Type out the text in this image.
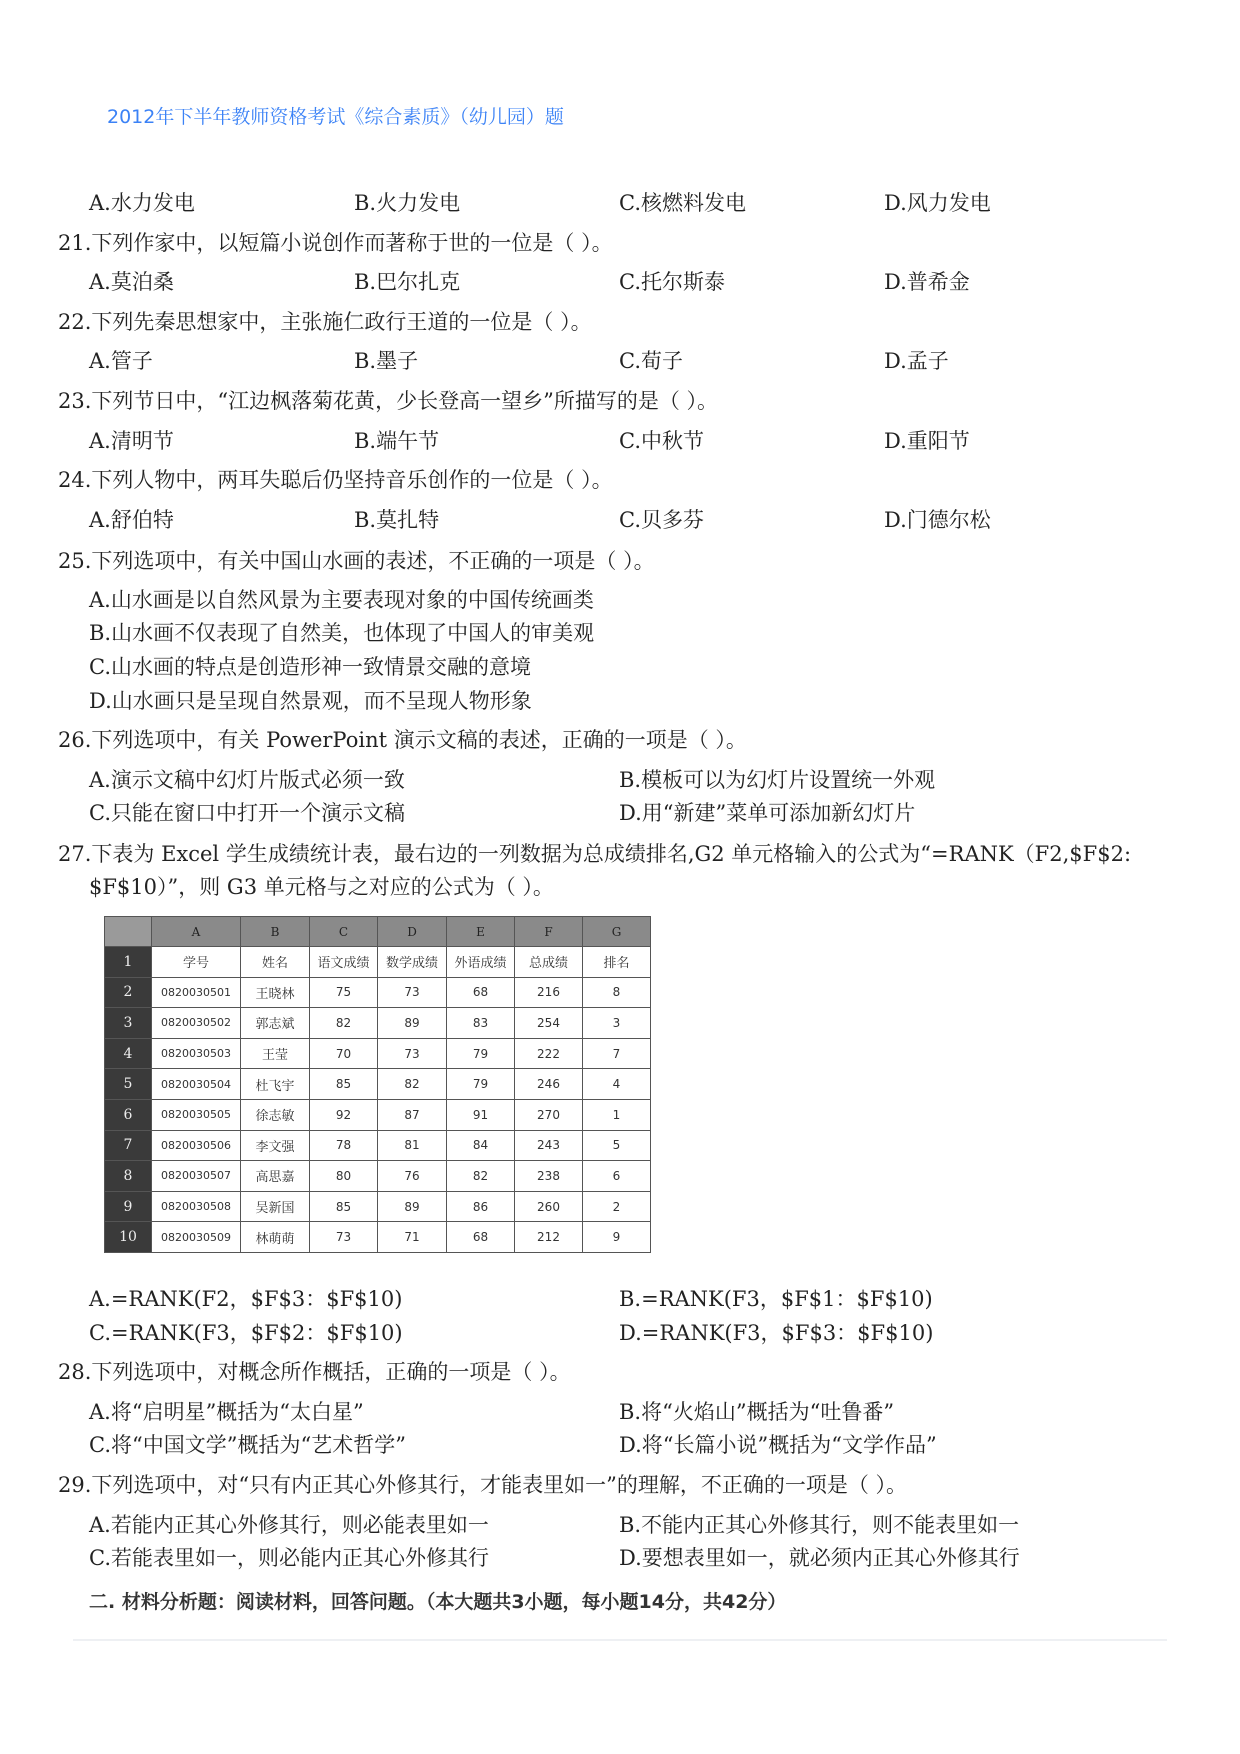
2012年下半年教师资格考试《综合素质》（幼儿园）题
A.水力发电	B.火力发电	C.核燃料发电	D.风力发电
21.下列作家中，以短篇小说创作而著称于世的一位是（ ）。
A.莫泊桑	B.巴尔扎克	C.托尔斯泰	D.普希金
22.下列先秦思想家中，主张施仁政行王道的一位是（ ）。
A.管子	B.墨子	C.荀子	D.孟子
23.下列节日中，“江边枫落菊花黄，少长登高一望乡”所描写的是（ ）。
A.清明节	B.端午节	C.中秋节	D.重阳节
24.下列人物中，两耳失聪后仍坚持音乐创作的一位是（ ）。
A.舒伯特	B.莫扎特	C.贝多芬	D.门德尔松
25.下列选项中，有关中国山水画的表述，不正确的一项是（ ）。
A.山水画是以自然风景为主要表现对象的中国传统画类
B.山水画不仅表现了自然美，也体现了中国人的审美观
C.山水画的特点是创造形神一致情景交融的意境
D.山水画只是呈现自然景观，而不呈现人物形象
26.下列选项中，有关 PowerPoint 演示文稿的表述，正确的一项是（ ）。
A.演示文稿中幻灯片版式必须一致	B.模板可以为幻灯片设置统一外观
C.只能在窗口中打开一个演示文稿	D.用“新建”菜单可添加新幻灯片
27.下表为 Excel 学生成绩统计表，最右边的一列数据为总成绩排名,G2 单元格输入的公式为“=RANK（F2,$F$2:
$F$10）”，则 G3 单元格与之对应的公式为（ ）。
	A	B	C	D	E	F	G
1	学号	姓名	语文成绩	数学成绩	外语成绩	总成绩	排名
2	0820030501	王晓林	75	73	68	216	8
3	0820030502	郭志斌	82	89	83	254	3
4	0820030503	王莹	70	73	79	222	7
5	0820030504	杜飞宇	85	82	79	246	4
6	0820030505	徐志敏	92	87	91	270	1
7	0820030506	李文强	78	81	84	243	5
8	0820030507	高思嘉	80	76	82	238	6
9	0820030508	吴新国	85	89	86	260	2
10	0820030509	林萌萌	73	71	68	212	9
A.=RANK(F2，$F$3：$F$10)	B.=RANK(F3，$F$1：$F$10)
C.=RANK(F3，$F$2：$F$10)	D.=RANK(F3，$F$3：$F$10)
28.下列选项中，对概念所作概括，正确的一项是（ ）。
A.将“启明星”概括为“太白星”	B.将“火焰山”概括为“吐鲁番”
C.将“中国文学”概括为“艺术哲学”	D.将“长篇小说”概括为“文学作品”
29.下列选项中，对“只有内正其心外修其行，才能表里如一”的理解，不正确的一项是（ ）。
A.若能内正其心外修其行，则必能表里如一	B.不能内正其心外修其行，则不能表里如一
C.若能表里如一，则必能内正其心外修其行	D.要想表里如一，就必须内正其心外修其行
二. 材料分析题：阅读材料，回答问题。（本大题共3小题，每小题14分，共42分）
